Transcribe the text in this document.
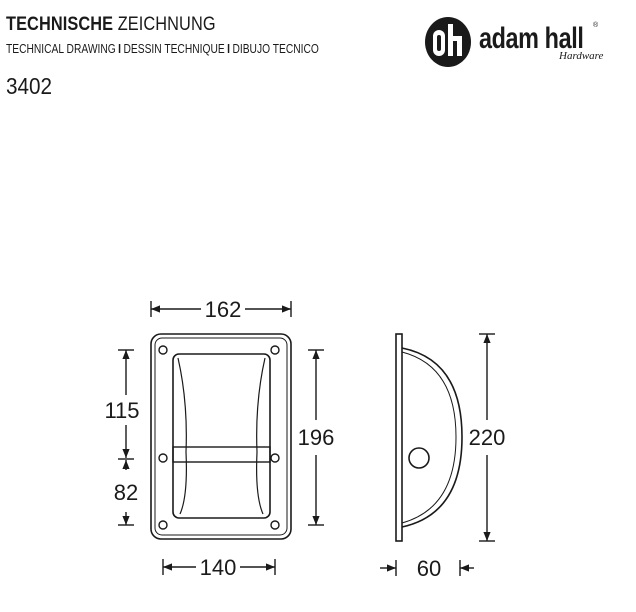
TECHNISCHE ZEICHNUNG
TECHNICAL DRAWING I DESSIN TECHNIQUE I DIBUJO TECNICO
3402
adam hall ®
Hardware
162
115
82
196
140
220
60
